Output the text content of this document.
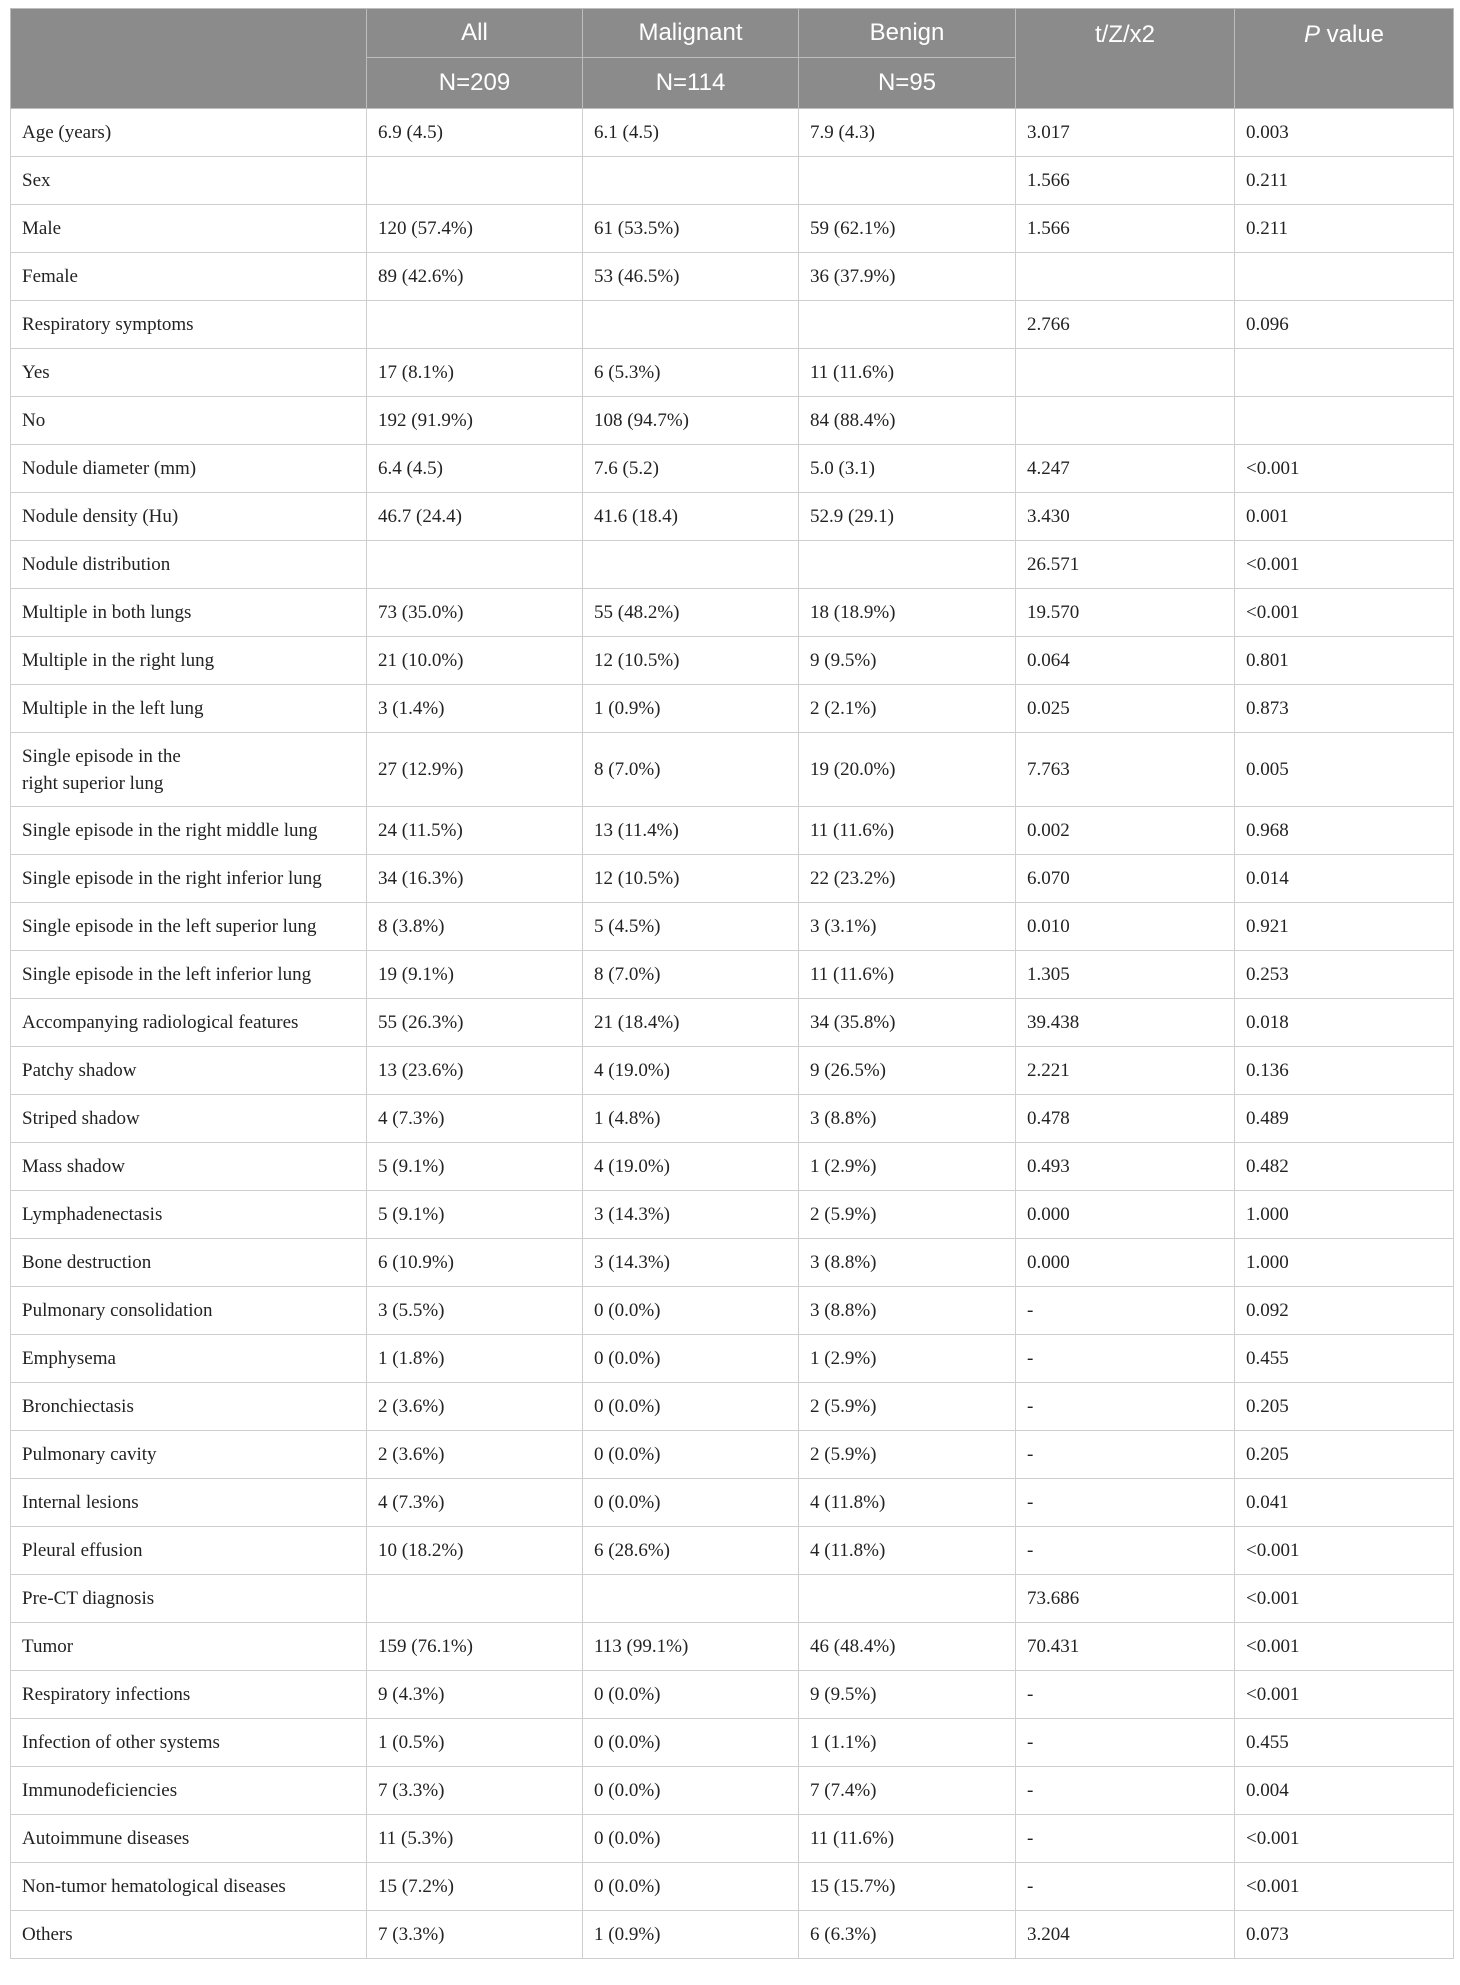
	All	Malignant	Benign	t/Z/x2	P value
	N=209	N=114	N=95		
Age (years)	6.9 (4.5)	6.1 (4.5)	7.9 (4.3)	3.017	0.003
Sex				1.566	0.211
Male	120 (57.4%)	61 (53.5%)	59 (62.1%)	1.566	0.211
Female	89 (42.6%)	53 (46.5%)	36 (37.9%)		
Respiratory symptoms				2.766	0.096
Yes	17 (8.1%)	6 (5.3%)	11 (11.6%)		
No	192 (91.9%)	108 (94.7%)	84 (88.4%)		
Nodule diameter (mm)	6.4 (4.5)	7.6 (5.2)	5.0 (3.1)	4.247	<0.001
Nodule density (Hu)	46.7 (24.4)	41.6 (18.4)	52.9 (29.1)	3.430	0.001
Nodule distribution				26.571	<0.001
Multiple in both lungs	73 (35.0%)	55 (48.2%)	18 (18.9%)	19.570	<0.001
Multiple in the right lung	21 (10.0%)	12 (10.5%)	9 (9.5%)	0.064	0.801
Multiple in the left lung	3 (1.4%)	1 (0.9%)	2 (2.1%)	0.025	0.873
Single episode in the right superior lung	27 (12.9%)	8 (7.0%)	19 (20.0%)	7.763	0.005
Single episode in the right middle lung	24 (11.5%)	13 (11.4%)	11 (11.6%)	0.002	0.968
Single episode in the right inferior lung	34 (16.3%)	12 (10.5%)	22 (23.2%)	6.070	0.014
Single episode in the left superior lung	8 (3.8%)	5 (4.5%)	3 (3.1%)	0.010	0.921
Single episode in the left inferior lung	19 (9.1%)	8 (7.0%)	11 (11.6%)	1.305	0.253
Accompanying radiological features	55 (26.3%)	21 (18.4%)	34 (35.8%)	39.438	0.018
Patchy shadow	13 (23.6%)	4 (19.0%)	9 (26.5%)	2.221	0.136
Striped shadow	4 (7.3%)	1 (4.8%)	3 (8.8%)	0.478	0.489
Mass shadow	5 (9.1%)	4 (19.0%)	1 (2.9%)	0.493	0.482
Lymphadenectasis	5 (9.1%)	3 (14.3%)	2 (5.9%)	0.000	1.000
Bone destruction	6 (10.9%)	3 (14.3%)	3 (8.8%)	0.000	1.000
Pulmonary consolidation	3 (5.5%)	0 (0.0%)	3 (8.8%)	-	0.092
Emphysema	1 (1.8%)	0 (0.0%)	1 (2.9%)	-	0.455
Bronchiectasis	2 (3.6%)	0 (0.0%)	2 (5.9%)	-	0.205
Pulmonary cavity	2 (3.6%)	0 (0.0%)	2 (5.9%)	-	0.205
Internal lesions	4 (7.3%)	0 (0.0%)	4 (11.8%)	-	0.041
Pleural effusion	10 (18.2%)	6 (28.6%)	4 (11.8%)	-	<0.001
Pre-CT diagnosis				73.686	<0.001
Tumor	159 (76.1%)	113 (99.1%)	46 (48.4%)	70.431	<0.001
Respiratory infections	9 (4.3%)	0 (0.0%)	9 (9.5%)	-	<0.001
Infection of other systems	1 (0.5%)	0 (0.0%)	1 (1.1%)	-	0.455
Immunodeficiencies	7 (3.3%)	0 (0.0%)	7 (7.4%)	-	0.004
Autoimmune diseases	11 (5.3%)	0 (0.0%)	11 (11.6%)	-	<0.001
Non-tumor hematological diseases	15 (7.2%)	0 (0.0%)	15 (15.7%)	-	<0.001
Others	7 (3.3%)	1 (0.9%)	6 (6.3%)	3.204	0.073
